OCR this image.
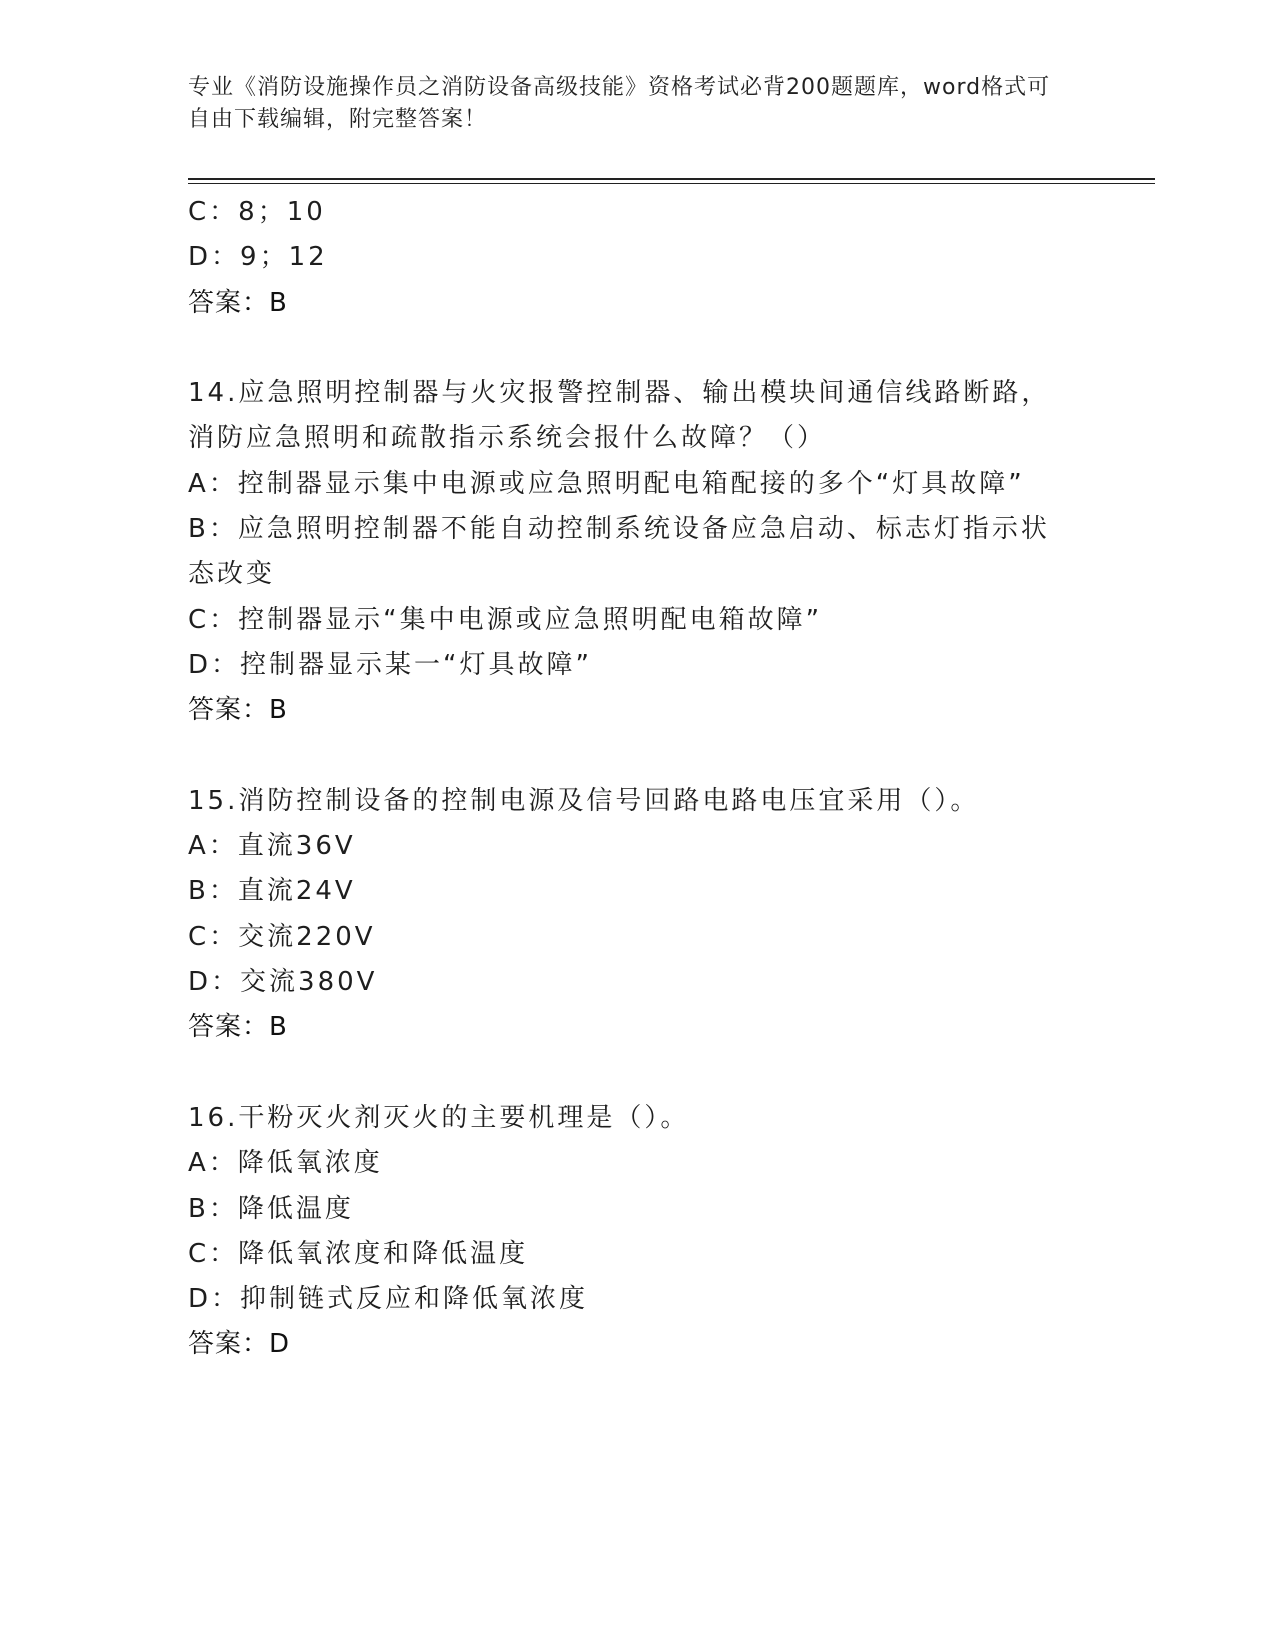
专业《消防设施操作员之消防设备高级技能》资格考试必背200题题库，word格式可自由下载编辑，附完整答案！
C：8；10
D：9；12
答案：B
14.应急照明控制器与火灾报警控制器、输出模块间通信线路断路，消防应急照明和疏散指示系统会报什么故障？（）
A：控制器显示集中电源或应急照明配电箱配接的多个“灯具故障”
B：应急照明控制器不能自动控制系统设备应急启动、标志灯指示状态改变
C：控制器显示“集中电源或应急照明配电箱故障”
D：控制器显示某一“灯具故障”
答案：B
15.消防控制设备的控制电源及信号回路电路电压宜采用（）。
A：直流36V
B：直流24V
C：交流220V
D：交流380V
答案：B
16.干粉灭火剂灭火的主要机理是（）。
A：降低氧浓度
B：降低温度
C：降低氧浓度和降低温度
D：抑制链式反应和降低氧浓度
答案：D
